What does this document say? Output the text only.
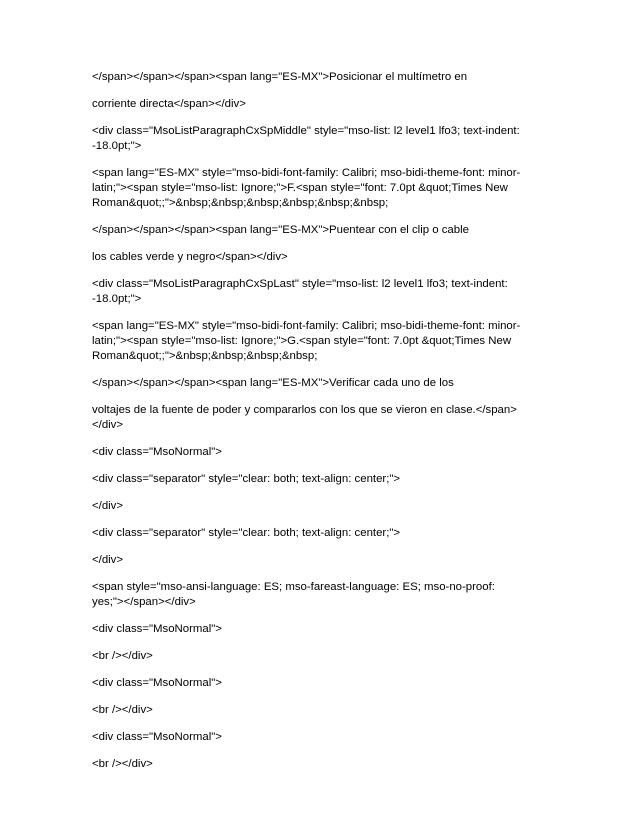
</span></span></span><span lang="ES-MX">Posicionar el multímetro en

corriente directa</span></div>

<div class="MsoListParagraphCxSpMiddle" style="mso-list: l2 level1 lfo3; text-indent: -18.0pt;">

<span lang="ES-MX" style="mso-bidi-font-family: Calibri; mso-bidi-theme-font: minor-
latin;"><span style="mso-list: Ignore;">F.<span style="font: 7.0pt &quot;Times New
Roman&quot;;">&nbsp;&nbsp;&nbsp;&nbsp;&nbsp;&nbsp;

</span></span></span><span lang="ES-MX">Puentear con el clip o cable

los cables verde y negro</span></div>

<div class="MsoListParagraphCxSpLast" style="mso-list: l2 level1 lfo3; text-indent: -18.0pt;">

<span lang="ES-MX" style="mso-bidi-font-family: Calibri; mso-bidi-theme-font: minor-
latin;"><span style="mso-list: Ignore;">G.<span style="font: 7.0pt &quot;Times New
Roman&quot;;">&nbsp;&nbsp;&nbsp;&nbsp;

</span></span></span><span lang="ES-MX">Verificar cada uno de los

voltajes de la fuente de poder y compararlos con los que se vieron en clase.</span></div>

<div class="MsoNormal">

<div class="separator" style="clear: both; text-align: center;">

</div>

<div class="separator" style="clear: both; text-align: center;">

</div>

<span style="mso-ansi-language: ES; mso-fareast-language: ES; mso-no-proof:
yes;"></span></div>

<div class="MsoNormal">

<br /></div>

<div class="MsoNormal">

<br /></div>

<div class="MsoNormal">

<br /></div>
